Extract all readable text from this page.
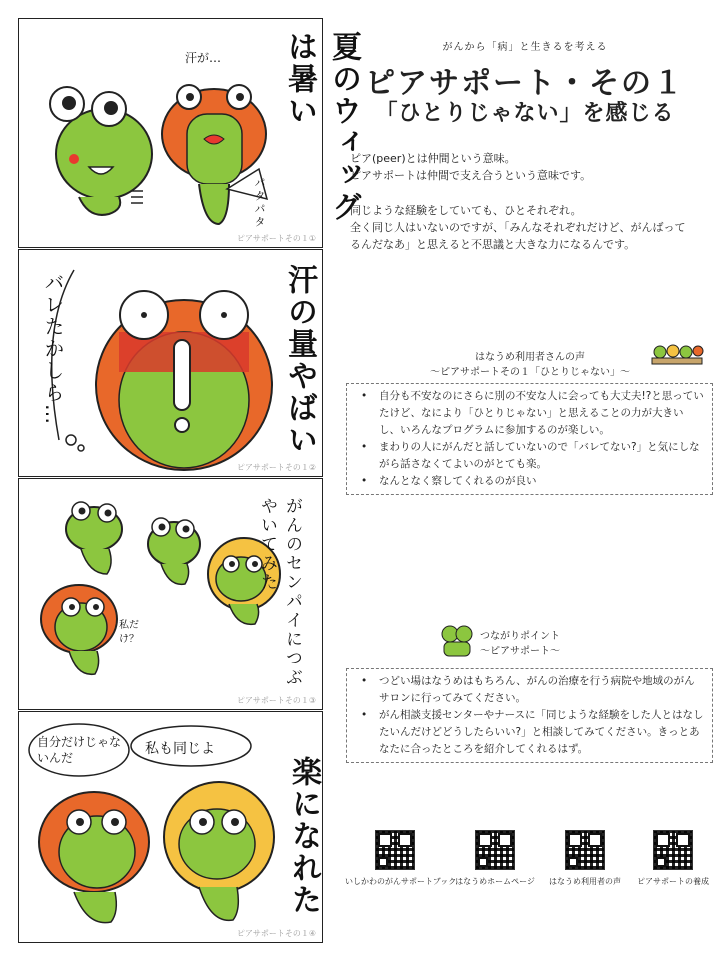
汗が…
パタパタ	夏のウィッグは暑い
ピアサポートその１①
バレたかしら…	汗の量やばい
ピアサポートその１②
私だけ？	がんのセンパイにつぶやいてみた
ピアサポートその１③
自分だけじゃないんだ
私も同じよ
楽になれた
ピアサポートその１④
がんから「病」と生きるを考える
ピアサポート・その１
「ひとりじゃない」を感じる
ピア(peer)とは仲間という意味。
ピアサポートは仲間で支え合うという意味です。
同じような経験をしていても、ひとそれぞれ。
全く同じ人はいないのですが、「みんなそれぞれだけど、がんばって
るんだなあ」と思えると不思議と大きな力になるんです。
はなうめ利用者さんの声
～ピアサポートその１「ひとりじゃない」～
• 自分も不安なのにさらに別の不安な人に会っても大丈夫!?と思っていたけど、なにより「ひとりじゃない」と思えることの力が大きいし、いろんなプログラムに参加するのが楽しい。
• まわりの人にがんだと話していないので「バレてない?」と気にしながら話さなくてよいのがとても楽。
• なんとなく察してくれるのが良い
つながりポイント
～ピアサポート～
• つどい場はなうめはもちろん、がんの治療を行う病院や地域のがんサロンに行ってみてください。
• がん相談支援センターやナースに「同じような経験をした人とはなしたいんだけどどうしたらいい?」と相談してみてください。きっとあなたに合ったところを紹介してくれるはず。
いしかわのがんサポートブック
はなうめホームページ	はなうめ利用者の声	ピアサポートの養成
